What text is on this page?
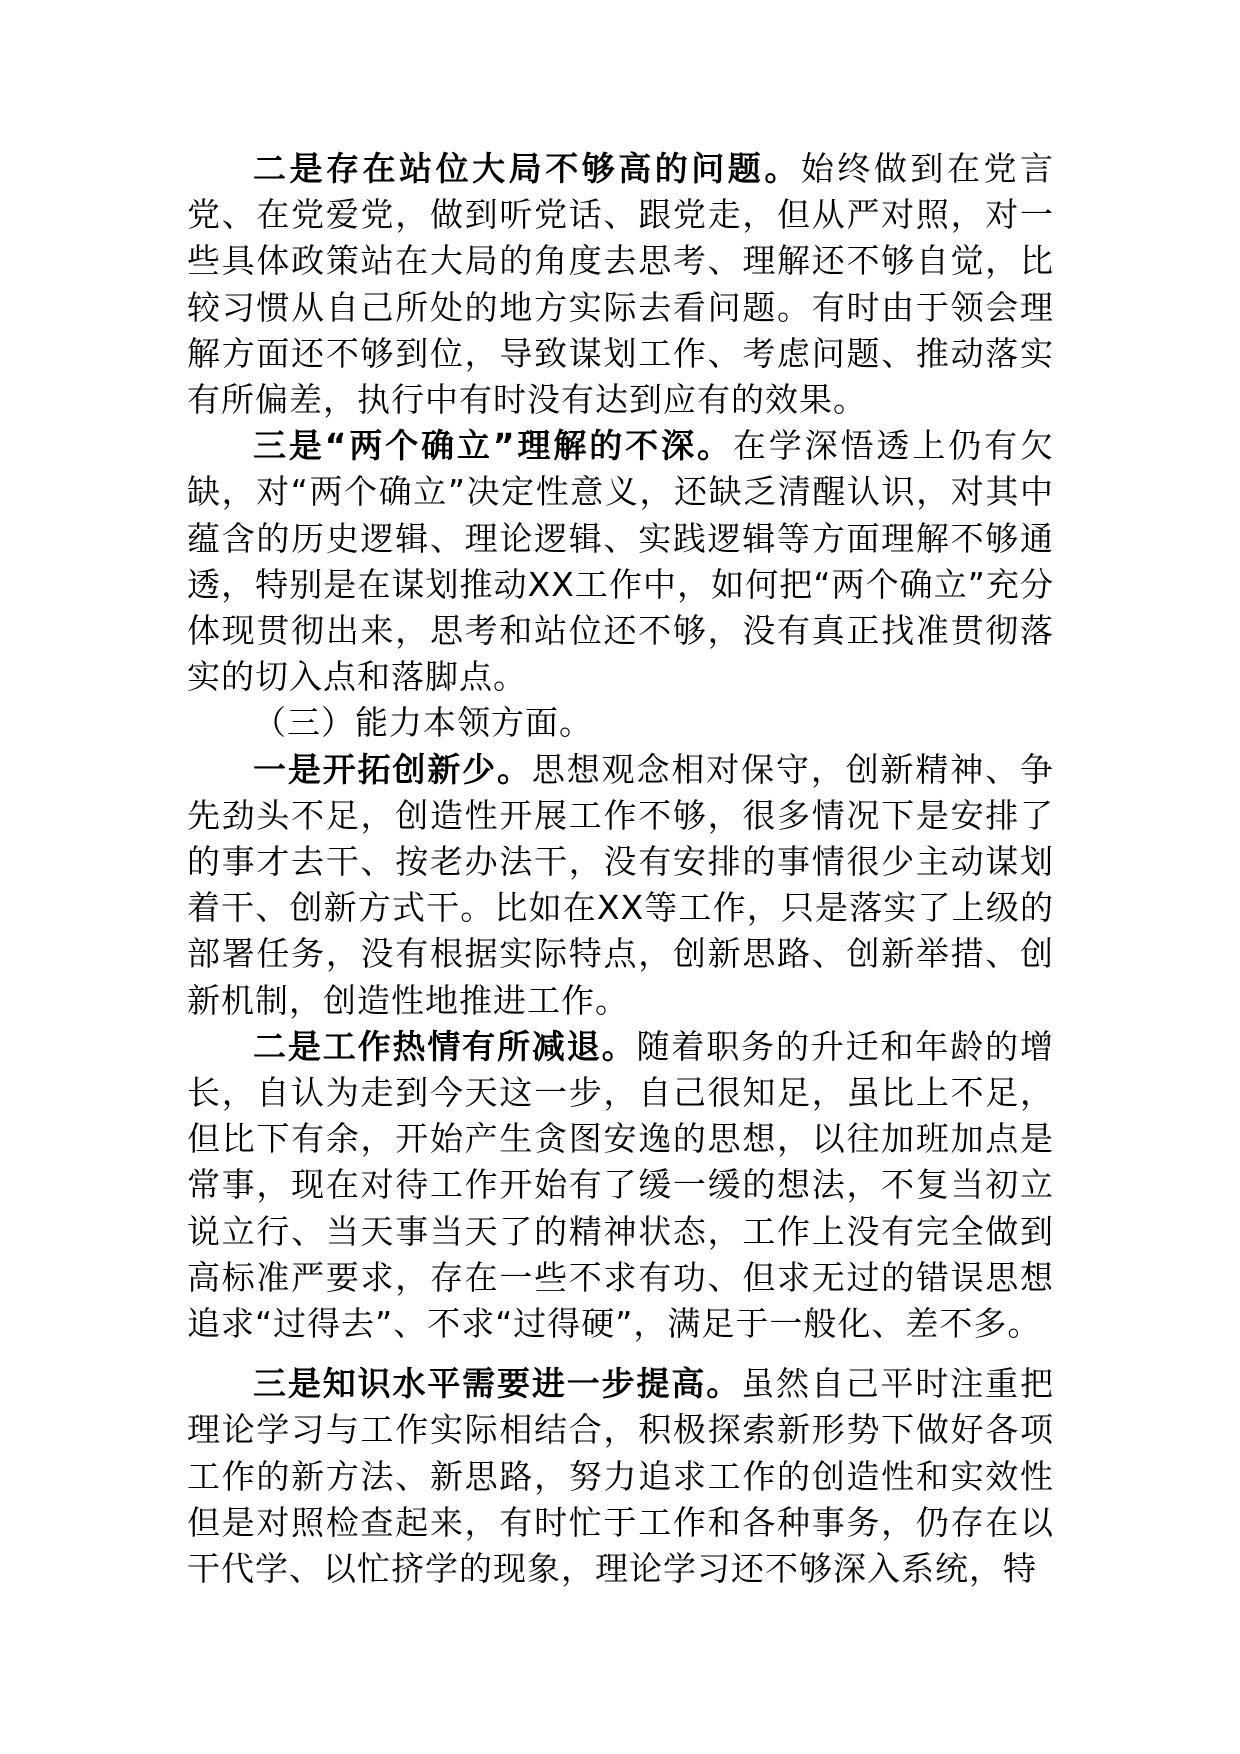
二是存在站位大局不够高的问题。始终做到在党言党、在党爱党，做到听党话、跟党走，但从严对照，对一些具体政策站在大局的角度去思考、理解还不够自觉，比较习惯从自己所处的地方实际去看问题。有时由于领会理解方面还不够到位，导致谋划工作、考虑问题、推动落实有所偏差，执行中有时没有达到应有的效果。

三是“两个确立”理解的不深。在学深悟透上仍有欠缺，对“两个确立”决定性意义，还缺乏清醒认识，对其中蕴含的历史逻辑、理论逻辑、实践逻辑等方面理解不够通透，特别是在谋划推动XX工作中，如何把“两个确立”充分体现贯彻出来，思考和站位还不够，没有真正找准贯彻落实的切入点和落脚点。

（三）能力本领方面。

一是开拓创新少。思想观念相对保守，创新精神、争先劲头不足，创造性开展工作不够，很多情况下是安排了的事才去干、按老办法干，没有安排的事情很少主动谋划着干、创新方式干。比如在XX等工作，只是落实了上级的部署任务，没有根据实际特点，创新思路、创新举措、创新机制，创造性地推进工作。

二是工作热情有所减退。随着职务的升迁和年龄的增长，自认为走到今天这一步，自己很知足，虽比上不足，但比下有余，开始产生贪图安逸的思想，以往加班加点是常事，现在对待工作开始有了缓一缓的想法，不复当初立说立行、当天事当天了的精神状态，工作上没有完全做到高标准严要求，存在一些不求有功、但求无过的错误思想追求“过得去”、不求“过得硬”，满足于一般化、差不多。

三是知识水平需要进一步提高。虽然自己平时注重把理论学习与工作实际相结合，积极探索新形势下做好各项工作的新方法、新思路，努力追求工作的创造性和实效性但是对照检查起来，有时忙于工作和各种事务，仍存在以干代学、以忙挤学的现象，理论学习还不够深入系统，特
